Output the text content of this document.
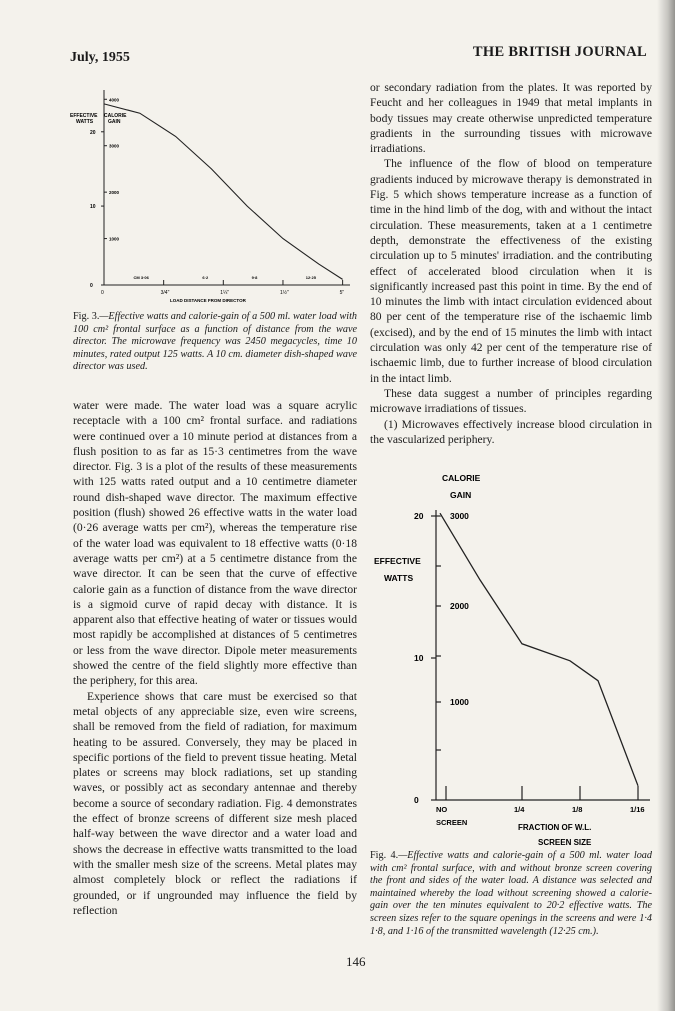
July, 1955	THE BRITISH JOURNAL
EFFECTIVE
WATTS
CALORIE
GAIN
20
10
0
4000
3000
2000
1000
0	3/4"	1¼"	1½"	5"
CM 3·06	6·2	9·8	12·25
LOAD DISTANCE FROM DIRECTOR
Fig. 3.—Effective watts and calorie-gain of a 500 ml. water load with 100 cm² frontal surface as a function of distance from the wave director. The microwave frequency was 2450 megacycles, time 10 minutes, rated output 125 watts. A 10 cm. diameter dish-shaped wave director was used.

water were made. The water load was a square acrylic receptacle with a 100 cm² frontal surface. and radiations were continued over a 10 minute period at distances from a flush position to as far as 15·3 centimetres from the wave director. Fig. 3 is a plot of the results of these measurements with 125 watts rated output and a 10 centimetre diameter round dish-shaped wave director. The maximum effective position (flush) showed 26 effective watts in the water load (0·26 average watts per cm²), whereas the temperature rise of the water load was equivalent to 18 effective watts (0·18 average watts per cm²) at a 5 centimetre distance from the wave director. It can be seen that the curve of effective calorie gain as a function of distance from the wave director is a sigmoid curve of rapid decay with distance. It is apparent also that effective heating of water or tissues would most rapidly be accomplished at distances of 5 centimetres or less from the wave director. Dipole meter measurements showed the centre of the field slightly more effective than the periphery, for this area.

Experience shows that care must be exercised so that metal objects of any appreciable size, even wire screens, shall be removed from the field of radiation, for maximum heating to be assured. Conversely, they may be placed in specific portions of the field to prevent tissue heating. Metal plates or screens may block radiations, set up standing waves, or possibly act as secondary antennae and thereby become a source of secondary radiation. Fig. 4 demonstrates the effect of bronze screens of different size mesh placed half-way between the wave director and a water load and shows the decrease in effective watts transmitted to the load with the smaller mesh size of the screens. Metal plates may almost completely block or reflect the radiations if grounded, or if ungrounded may influence the field by reflection

or secondary radiation from the plates. It was reported by Feucht and her colleagues in 1949 that metal implants in body tissues may create otherwise unpredicted temperature gradients in the surrounding tissues with microwave irradiations.

The influence of the flow of blood on temperature gradients induced by microwave therapy is demonstrated in Fig. 5 which shows temperature increase as a function of time in the hind limb of the dog, with and without the intact circulation. These measurements, taken at a 1 centimetre depth, demonstrate the effectiveness of the existing circulation up to 5 minutes' irradiation. and the contributing effect of accelerated blood circulation when it is significantly increased past this point in time. By the end of 10 minutes the limb with intact circulation evidenced about 80 per cent of the temperature rise of the ischaemic limb (excised), and by the end of 15 minutes the limb with intact circulation was only 42 per cent of the temperature rise of ischaemic limb, due to further increase of blood circulation in the intact limb.

These data suggest a number of principles regarding microwave irradiations of tissues.

(1) Microwaves effectively increase blood circulation in the vascularized periphery.

CALORIE
GAIN
EFFECTIVE
WATTS
20
10
0
3000
2000
1000
NO
SCREEN
1/4	1/8	1/16
FRACTION OF W.L.
SCREEN SIZE
Fig. 4.—Effective watts and calorie-gain of a 500 ml. water load with cm² frontal surface, with and without bronze screen covering the front and sides of the water load. A distance was selected and maintained whereby the load without screening showed a calorie-gain over the ten minutes equivalent to 20·2 effective watts. The screen sizes refer to the square openings in the screens and were 1·4 1·8, and 1·16 of the transmitted wavelength (12·25 cm.).
146
